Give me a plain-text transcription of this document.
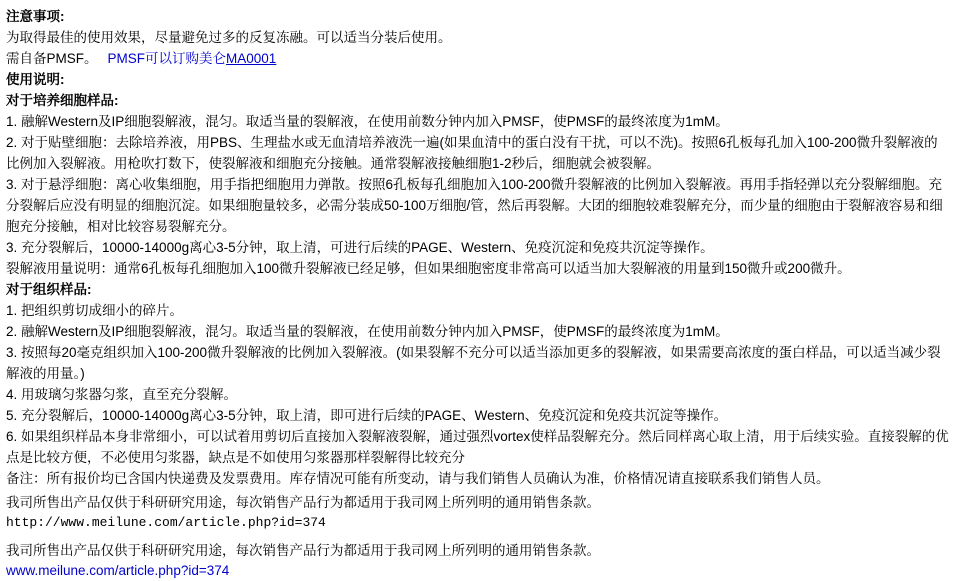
注意事项:
为取得最佳的使用效果，尽量避免过多的反复冻融。可以适当分装后使用。
需自备PMSF。 PMSF可以订购美仑MA0001
使用说明:
对于培养细胞样品:
1. 融解Western及IP细胞裂解液，混匀。取适当量的裂解液，在使用前数分钟内加入PMSF，使PMSF的最终浓度为1mM。
2. 对于贴壁细胞：去除培养液，用PBS、生理盐水或无血清培养液洗一遍(如果血清中的蛋白没有干扰，可以不洗)。按照6孔板每孔加入100-200微升裂解液的比例加入裂解液。用枪吹打数下，使裂解液和细胞充分接触。通常裂解液接触细胞1-2秒后，细胞就会被裂解。
3. 对于悬浮细胞：离心收集细胞，用手指把细胞用力弹散。按照6孔板每孔细胞加入100-200微升裂解液的比例加入裂解液。再用手指轻弹以充分裂解细胞。充分裂解后应没有明显的细胞沉淀。如果细胞量较多，必需分装成50-100万细胞/管，然后再裂解。大团的细胞较难裂解充分，而少量的细胞由于裂解液容易和细胞充分接触，相对比较容易裂解充分。
3. 充分裂解后，10000-14000g离心3-5分钟，取上清，可进行后续的PAGE、Western、免疫沉淀和免疫共沉淀等操作。
裂解液用量说明：通常6孔板每孔细胞加入100微升裂解液已经足够，但如果细胞密度非常高可以适当加大裂解液的用量到150微升或200微升。
对于组织样品:
1. 把组织剪切成细小的碎片。
2. 融解Western及IP细胞裂解液，混匀。取适当量的裂解液，在使用前数分钟内加入PMSF，使PMSF的最终浓度为1mM。
3. 按照每20毫克组织加入100-200微升裂解液的比例加入裂解液。(如果裂解不充分可以适当添加更多的裂解液，如果需要高浓度的蛋白样品，可以适当减少裂解液的用量。)
4. 用玻璃匀浆器匀浆，直至充分裂解。
5. 充分裂解后，10000-14000g离心3-5分钟，取上清，即可进行后续的PAGE、Western、免疫沉淀和免疫共沉淀等操作。
6. 如果组织样品本身非常细小，可以试着用剪切后直接加入裂解液裂解，通过强烈vortex使样品裂解充分。然后同样离心取上清，用于后续实验。直接裂解的优点是比较方便，不必使用匀浆器，缺点是不如使用匀浆器那样裂解得比较充分
备注：所有报价均已含国内快递费及发票费用。库存情况可能有所变动，请与我们销售人员确认为准，价格情况请直接联系我们销售人员。
我司所售出产品仅供于科研研究用途，每次销售产品行为都适用于我司网上所列明的通用销售条款。
http://www.meilune.com/article.php?id=374
我司所售出产品仅供于科研研究用途，每次销售产品行为都适用于我司网上所列明的通用销售条款。
www.meilune.com/article.php?id=374
